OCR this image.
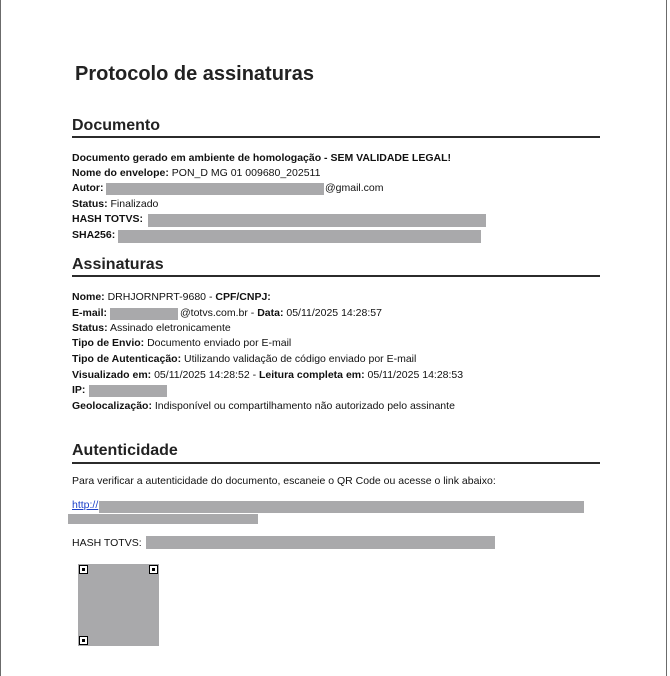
Protocolo de assinaturas
Documento
Documento gerado em ambiente de homologação - SEM VALIDADE LEGAL!
Nome do envelope: PON_D MG 01 009680_202511
Autor:	@gmail.com
Status: Finalizado
HASH TOTVS:
SHA256:
Assinaturas
Nome: DRHJORNPRT-9680 - CPF/CNPJ:
E-mail:	@totvs.com.br - Data: 05/11/2025 14:28:57
Status: Assinado eletronicamente
Tipo de Envio: Documento enviado por E-mail
Tipo de Autenticação: Utilizando validação de código enviado por E-mail
Visualizado em: 05/11/2025 14:28:52 - Leitura completa em: 05/11/2025 14:28:53
IP:
Geolocalização: Indisponível ou compartilhamento não autorizado pelo assinante
Autenticidade
Para verificar a autenticidade do documento, escaneie o QR Code ou acesse o link abaixo:
http://
HASH TOTVS:
